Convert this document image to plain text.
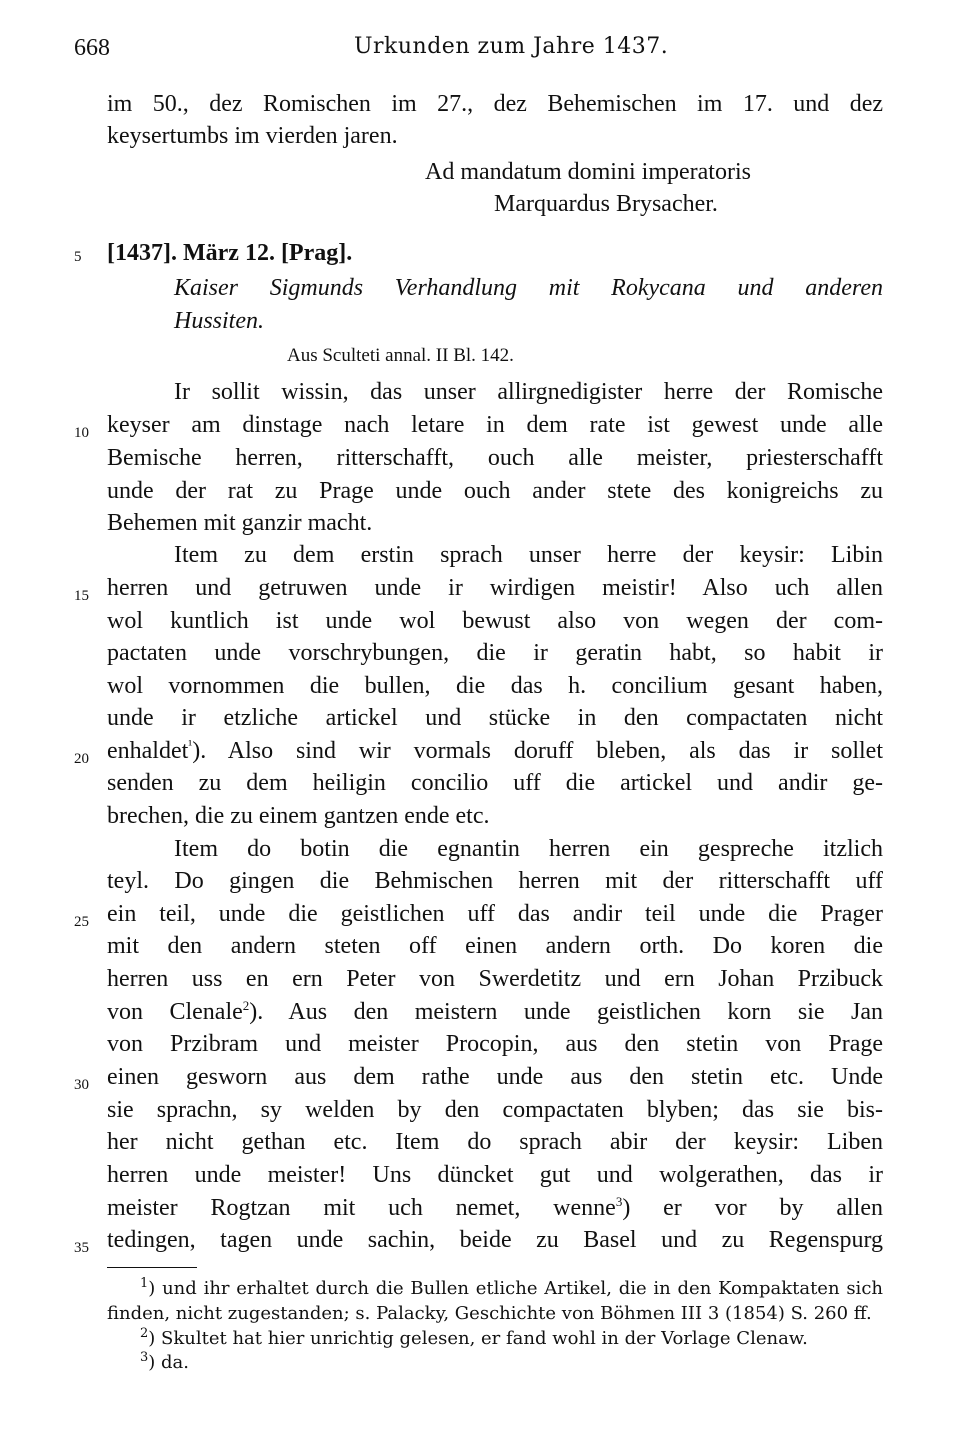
668	Urkunden zum Jahre 1437.
im 50., dez Romischen im 27., dez Behemischen im 17. und dez
keysertumbs im vierden jaren.
Ad mandatum domini imperatoris
Marquardus Brysacher.
5
10
15
20
25
30
35
[1437]. März 12. [Prag].
Kaiser Sigmunds Verhandlung mit Rokycana und anderen
Hussiten.
Aus Sculteti annal. II Bl. 142.
Ir sollit wissin, das unser allirgnedigister herre der Romische
keyser am dinstage nach letare in dem rate ist gewest unde alle
Bemische herren, ritterschafft, ouch alle meister, priesterschafft
unde der rat zu Prage unde ouch ander stete des konigreichs zu
Behemen mit ganzir macht.
Item zu dem erstin sprach unser herre der keysir: Libin
herren und getruwen unde ir wirdigen meistir! Also uch allen
wol kuntlich ist unde wol bewust also von wegen der com-
pactaten unde vorschrybungen, die ir geratin habt, so habit ir
wol vornommen die bullen, die das h. concilium gesant haben,
unde ir etzliche artickel und stücke in den compactaten nicht
enhaldet$^{^1}$). Also sind wir vormals doruff bleben, als das ir sollet
senden zu dem heiligin concilio uff die artickel und andir ge-
brechen, die zu einem gantzen ende etc.
Item do botin die egnantin herren ein gespreche itzlich
teyl. Do gingen die Behmischen herren mit der ritterschafft uff
ein teil, unde die geistlichen uff das andir teil unde die Prager
mit den andern steten off einen andern orth. Do koren die
herren uss en ern Peter von Swerdetitz und ern Johan Przibuck
von Clenale$^2$). Aus den meistern unde geistlichen korn sie Jan
von Przibram und meister Procopin, aus den stetin von Prage
einen gesworn aus dem rathe unde aus den stetin etc. Unde
sie sprachn, sy welden by den compactaten blyben; das sie bis-
her nicht gethan etc. Item do sprach abir der keysir: Liben
herren unde meister! Uns düncket gut und wolgerathen, das ir
meister Rogtzan mit uch nemet, wenne$^3$) er vor by allen
tedingen, tagen unde sachin, beide zu Basel und zu Regenspurg
$^1$) und ihr erhaltet durch die Bullen etliche Artikel, die in den Kompaktaten sich
finden, nicht zugestanden; s. Palacky, Geschichte von Böhmen III 3 (1854) S. 260 ff.
$^2$) Skultet hat hier unrichtig gelesen, er fand wohl in der Vorlage Clenaw.
$^3$) da.
